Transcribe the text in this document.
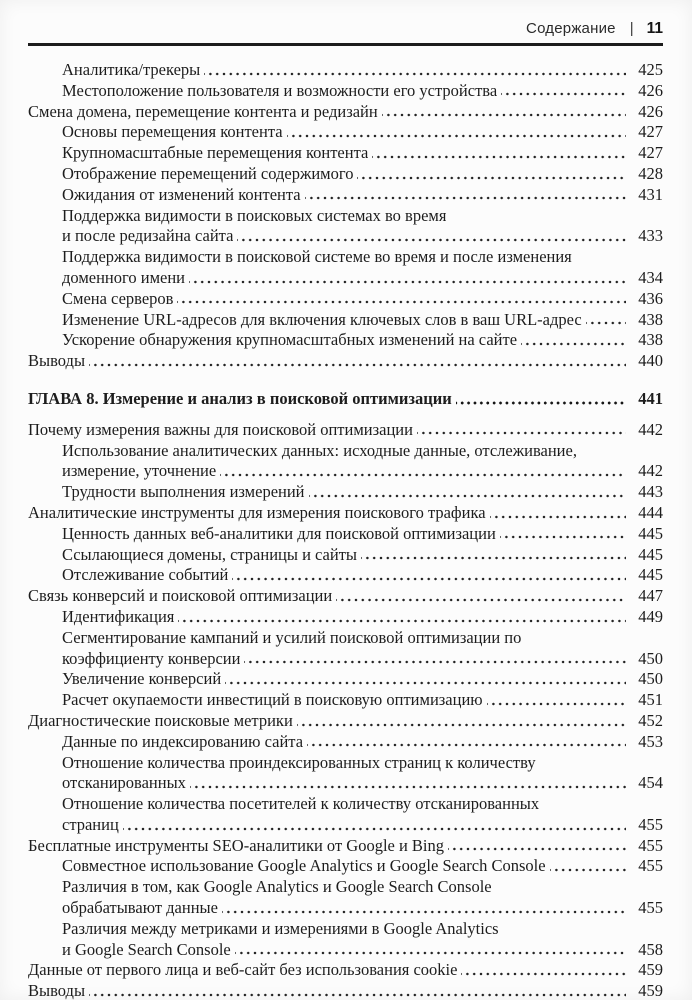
Содержание | 11
Аналитика/трекеры	425
Местоположение пользователя и возможности его устройства	426
Смена домена, перемещение контента и редизайн	426
Основы перемещения контента	427
Крупномасштабные перемещения контента	427
Отображение перемещений содержимого	428
Ожидания от изменений контента	431
Поддержка видимости в поисковых системах во время
и после редизайна сайта	433
Поддержка видимости в поисковой системе во время и после изменения
доменного имени	434
Смена серверов	436
Изменение URL-адресов для включения ключевых слов в ваш URL-адрес	438
Ускорение обнаружения крупномасштабных изменений на сайте	438
Выводы	440
ГЛАВА 8. Измерение и анализ в поисковой оптимизации	441
Почему измерения важны для поисковой оптимизации	442
Использование аналитических данных: исходные данные, отслеживание,
измерение, уточнение	442
Трудности выполнения измерений	443
Аналитические инструменты для измерения поискового трафика	444
Ценность данных веб-аналитики для поисковой оптимизации	445
Ссылающиеся домены, страницы и сайты	445
Отслеживание событий	445
Связь конверсий и поисковой оптимизации	447
Идентификация	449
Сегментирование кампаний и усилий поисковой оптимизации по
коэффициенту конверсии	450
Увеличение конверсий	450
Расчет окупаемости инвестиций в поисковую оптимизацию	451
Диагностические поисковые метрики	452
Данные по индексированию сайта	453
Отношение количества проиндексированных страниц к количеству
отсканированных	454
Отношение количества посетителей к количеству отсканированных
страниц	455
Бесплатные инструменты SEO-аналитики от Google и Bing	455
Совместное использование Google Analytics и Google Search Console	455
Различия в том, как Google Analytics и Google Search Console
обрабатывают данные	455
Различия между метриками и измерениями в Google Analytics
и Google Search Console	458
Данные от первого лица и веб-сайт без использования cookie	459
Выводы	459
